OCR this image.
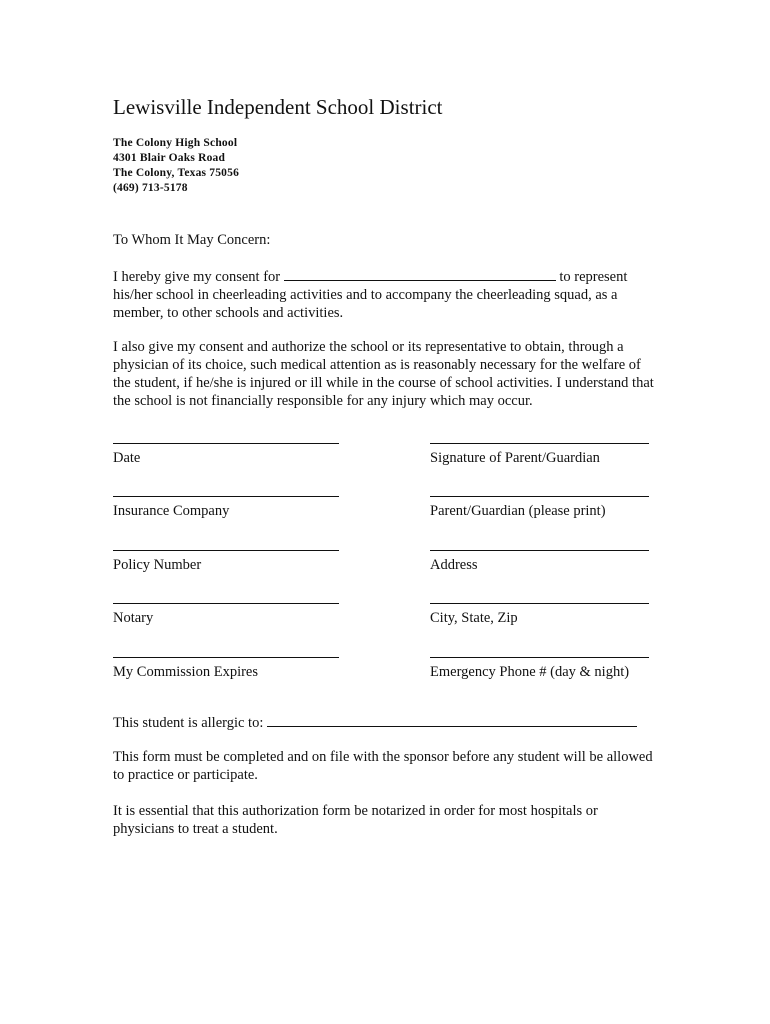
Lewisville Independent School District
The Colony High School
4301 Blair Oaks Road
The Colony, Texas 75056
(469) 713-5178
To Whom It May Concern:
I hereby give my consent for	to represent his/her school in cheerleading activities and to accompany the cheerleading squad, as a member, to other schools and activities.
I also give my consent and authorize the school or its representative to obtain, through a physician of its choice, such medical attention as is reasonably necessary for the welfare of the student, if he/she is injured or ill while in the course of school activities. I understand that the school is not financially responsible for any injury which may occur.
Date	Signature of Parent/Guardian
Insurance Company	Parent/Guardian (please print)
Policy Number	Address
Notary	City, State, Zip
My Commission Expires	Emergency Phone # (day & night)
This student is allergic to:
This form must be completed and on file with the sponsor before any student will be allowed to practice or participate.
It is essential that this authorization form be notarized in order for most hospitals or physicians to treat a student.
